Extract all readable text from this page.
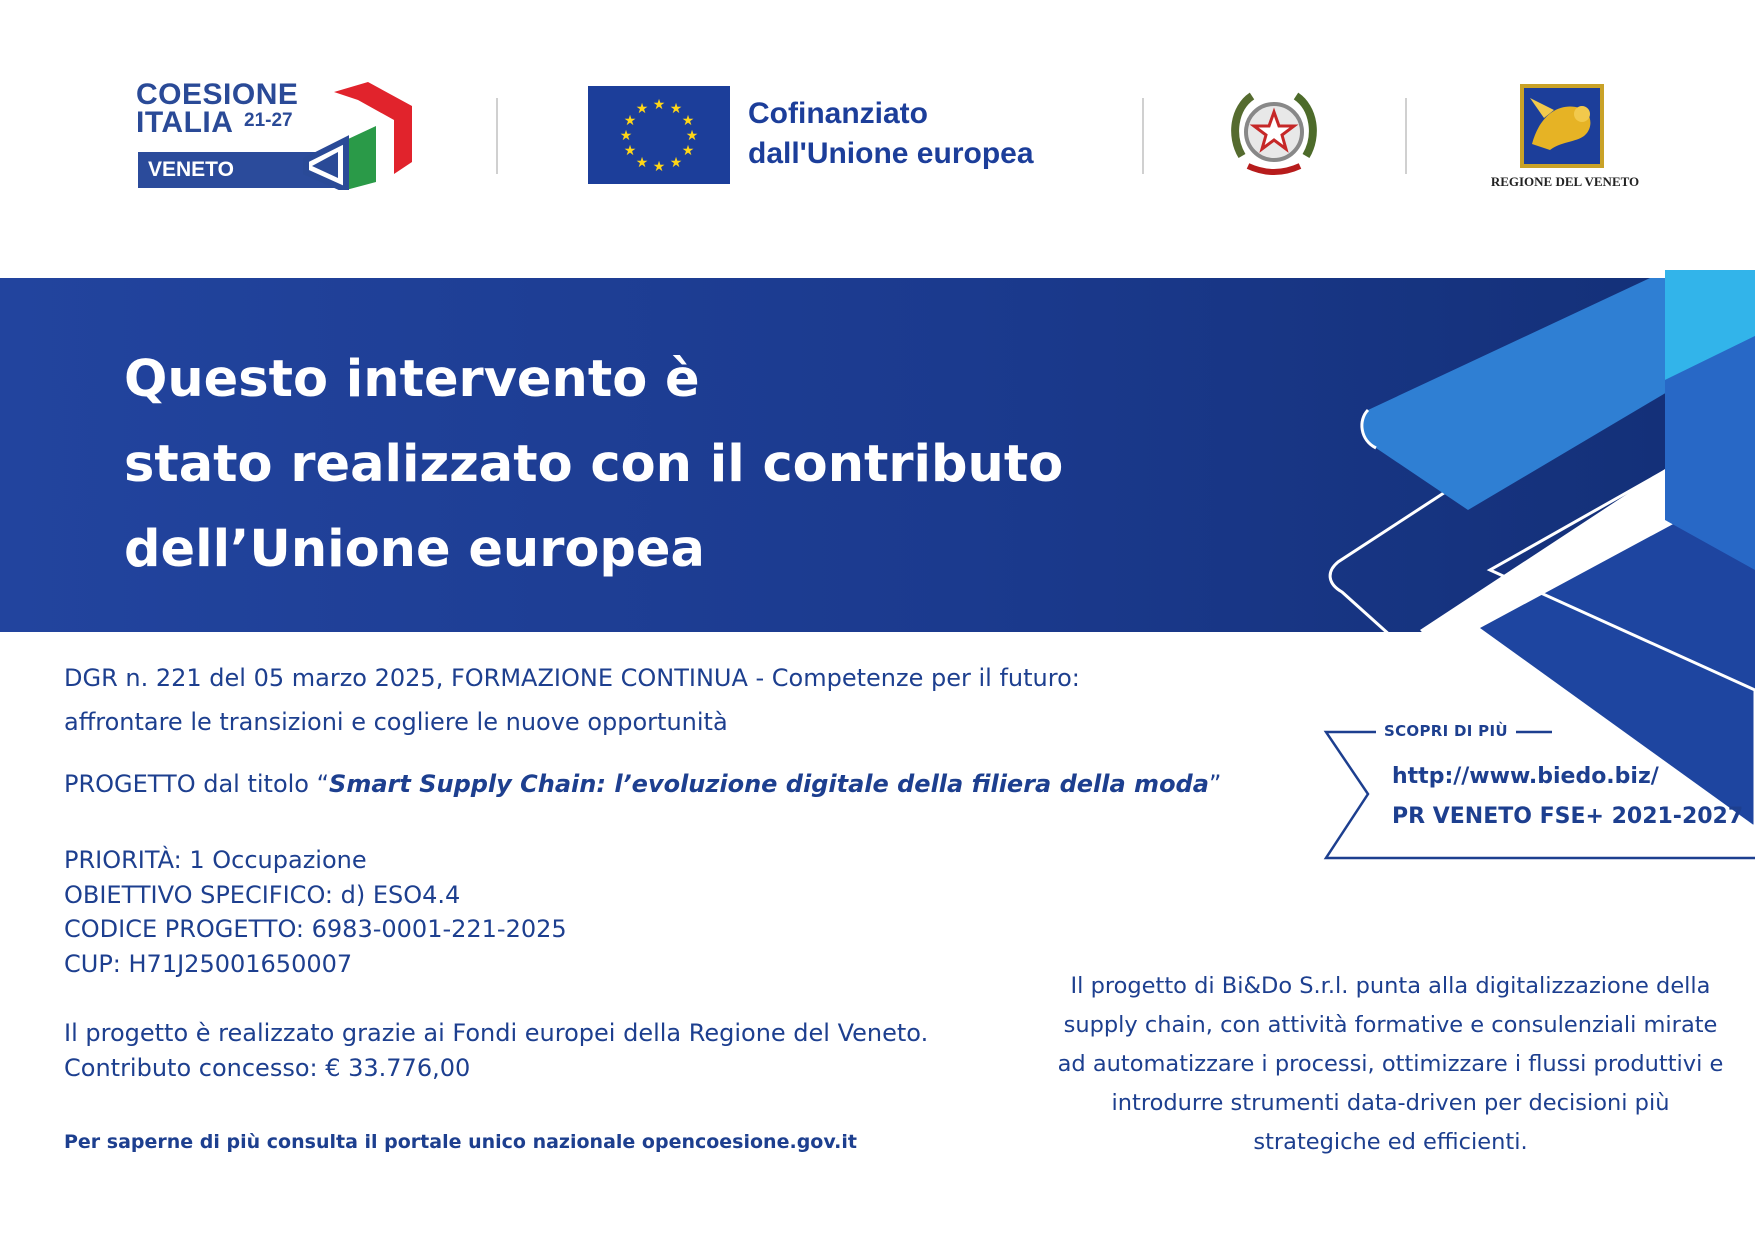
COESIONE
ITALIA 21-27
VENETO
★ ★
★
★
★
★
★
★
★
★
★
★	Cofinanziato
dall'Unione europea
REGIONE DEL VENETO
Questo intervento è
stato realizzato con il contributo
dell’Unione europea
DGR n. 221 del 05 marzo 2025, FORMAZIONE CONTINUA - Competenze per il futuro:
affrontare le transizioni e cogliere le nuove opportunità
PROGETTO dal titolo “Smart Supply Chain: l’evoluzione digitale della filiera della moda”
PRIORITÀ: 1 Occupazione
OBIETTIVO SPECIFICO: d) ESO4.4
CODICE PROGETTO: 6983-0001-221-2025
CUP: H71J25001650007
Il progetto è realizzato grazie ai Fondi europei della Regione del Veneto.
Contributo concesso: € 33.776,00
Per saperne di più consulta il portale unico nazionale opencoesione.gov.it
SCOPRI DI PIÙ
http://www.biedo.biz/
PR VENETO FSE+ 2021-2027
Il progetto di Bi&Do S.r.l. punta alla digitalizzazione della supply chain, con attività formative e consulenziali mirate ad automatizzare i processi, ottimizzare i flussi produttivi e introdurre strumenti data-driven per decisioni più strategiche ed efficienti.
